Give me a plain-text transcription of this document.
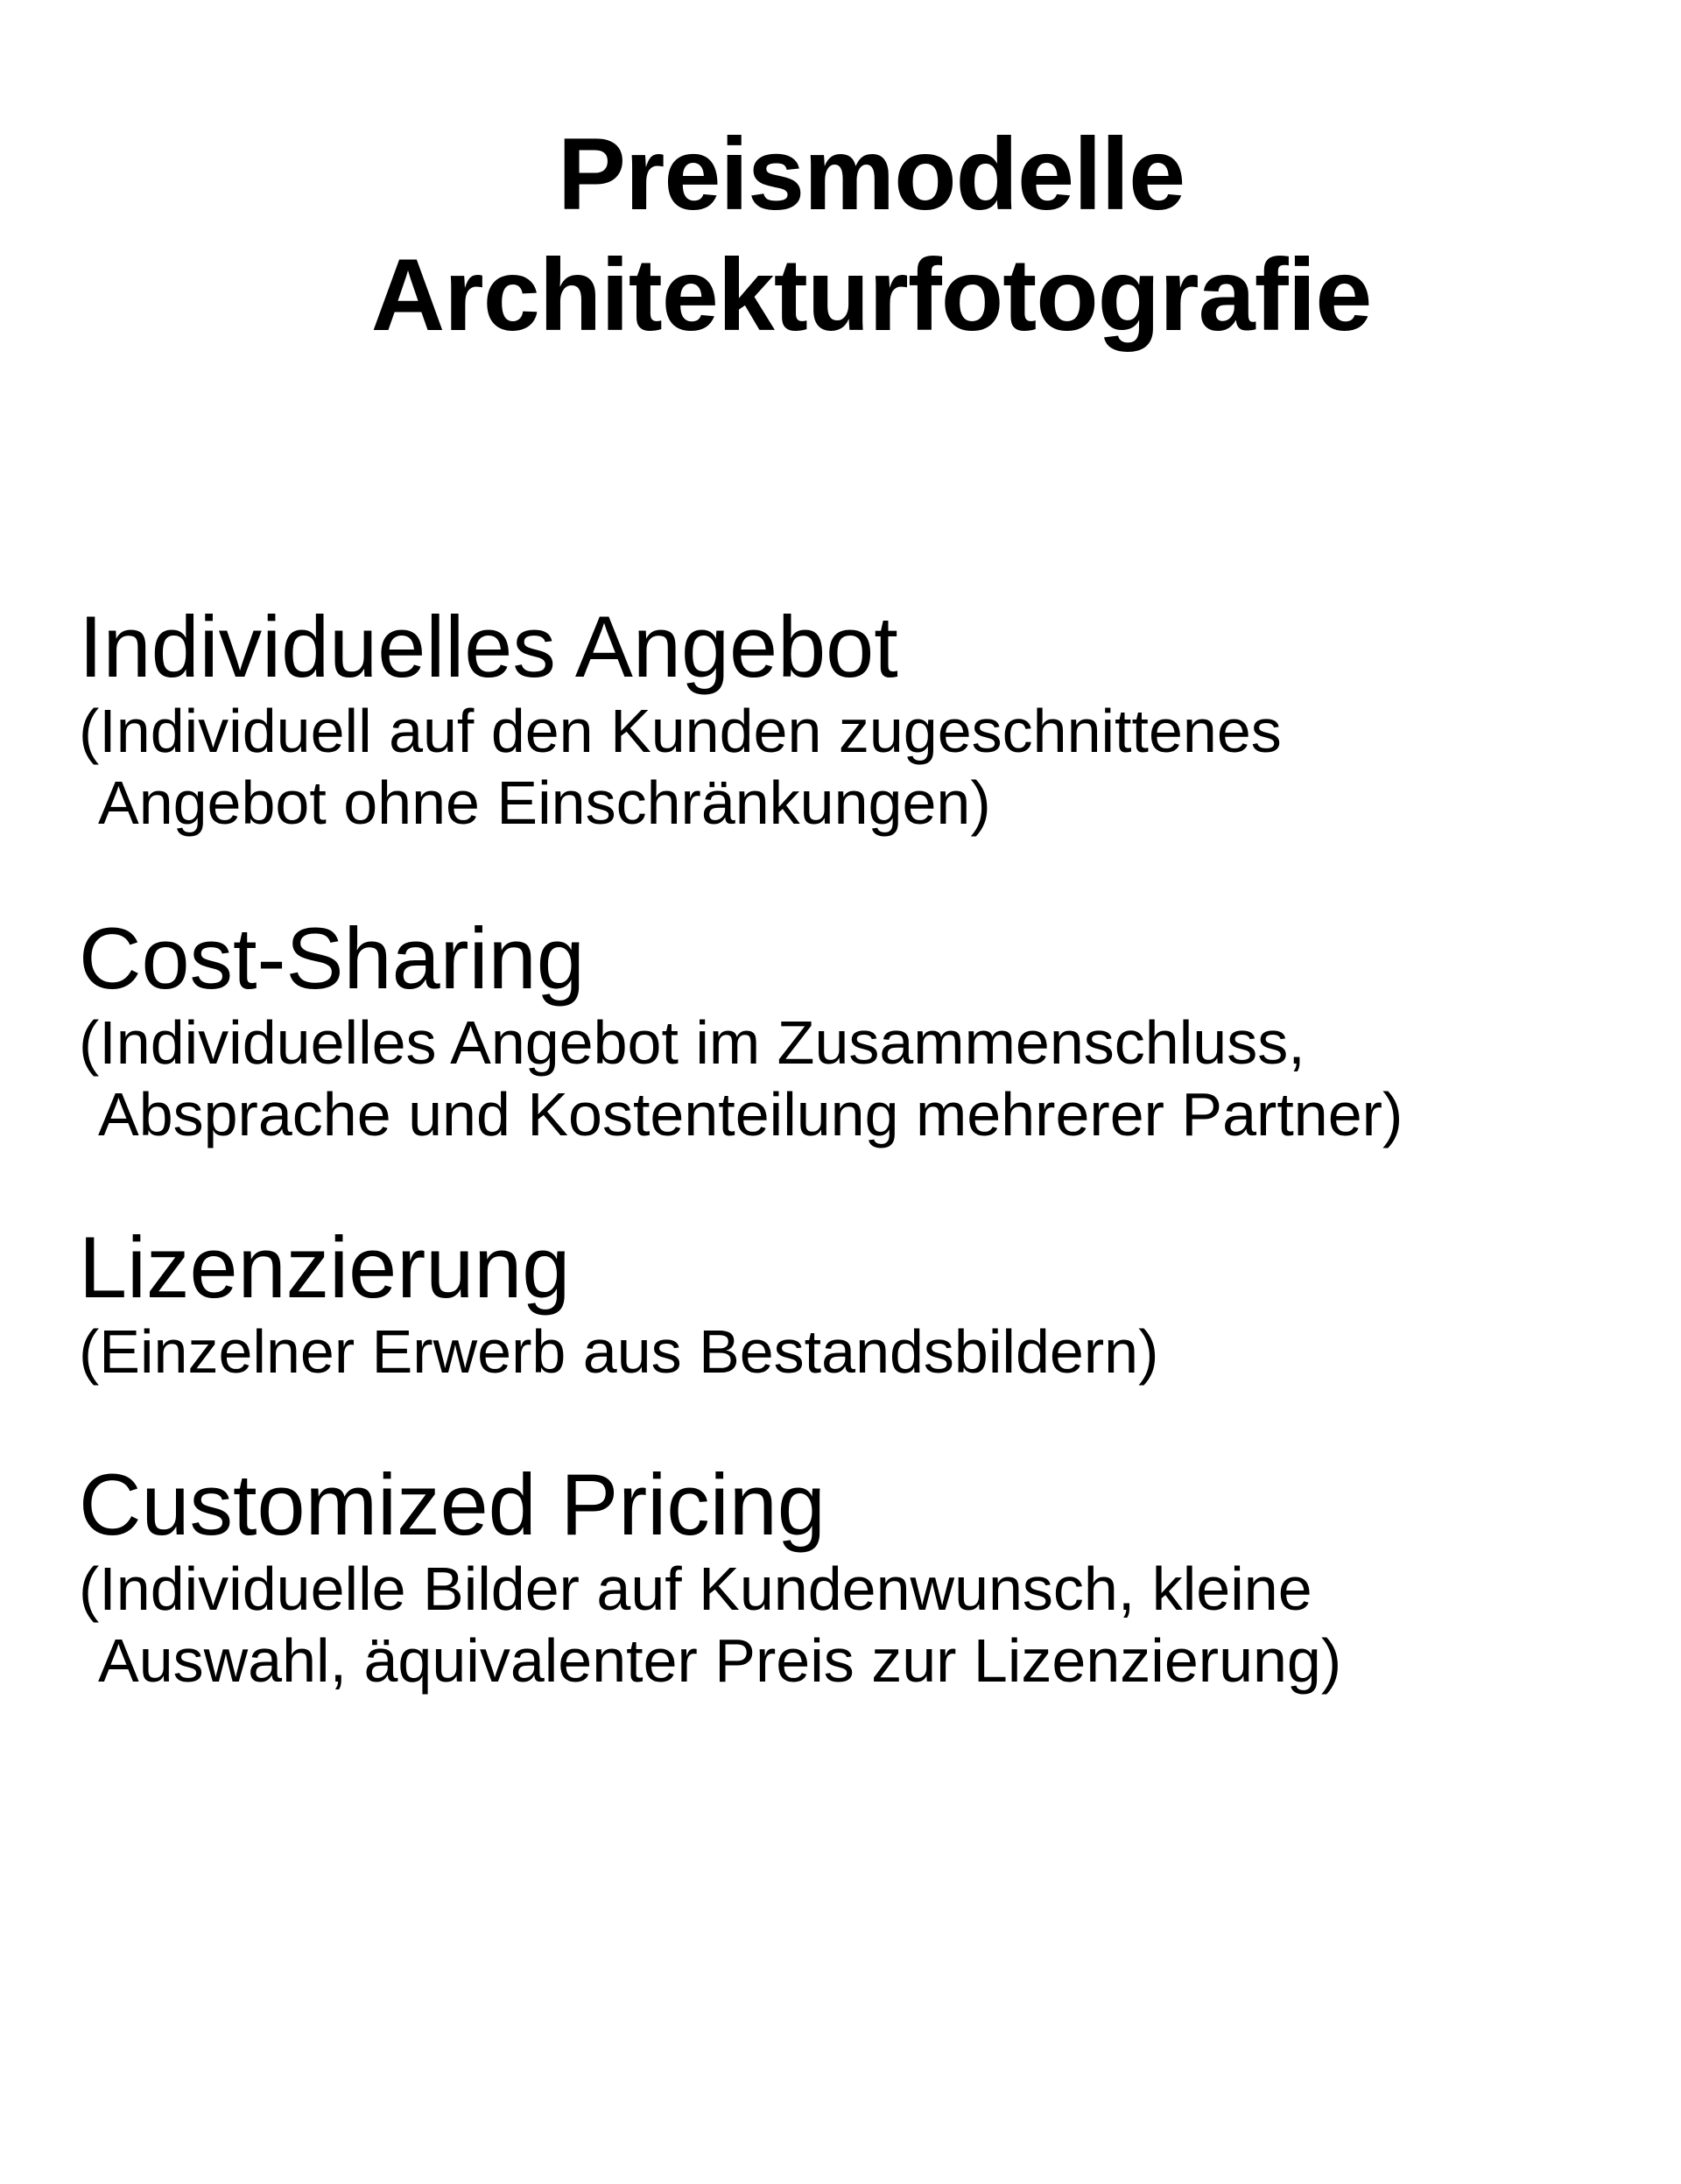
Preismodelle
Architekturfotografie

Individuelles Angebot

(Individuell auf den Kunden zugeschnittenes
Angebot ohne Einschränkungen)

Cost-Sharing

(Individuelles Angebot im Zusammenschluss,
Absprache und Kostenteilung mehrerer Partner)

Lizenzierung

(Einzelner Erwerb aus Bestandsbildern)

Customized Pricing

(Individuelle Bilder auf Kundenwunsch, kleine
Auswahl, äquivalenter Preis zur Lizenzierung)
